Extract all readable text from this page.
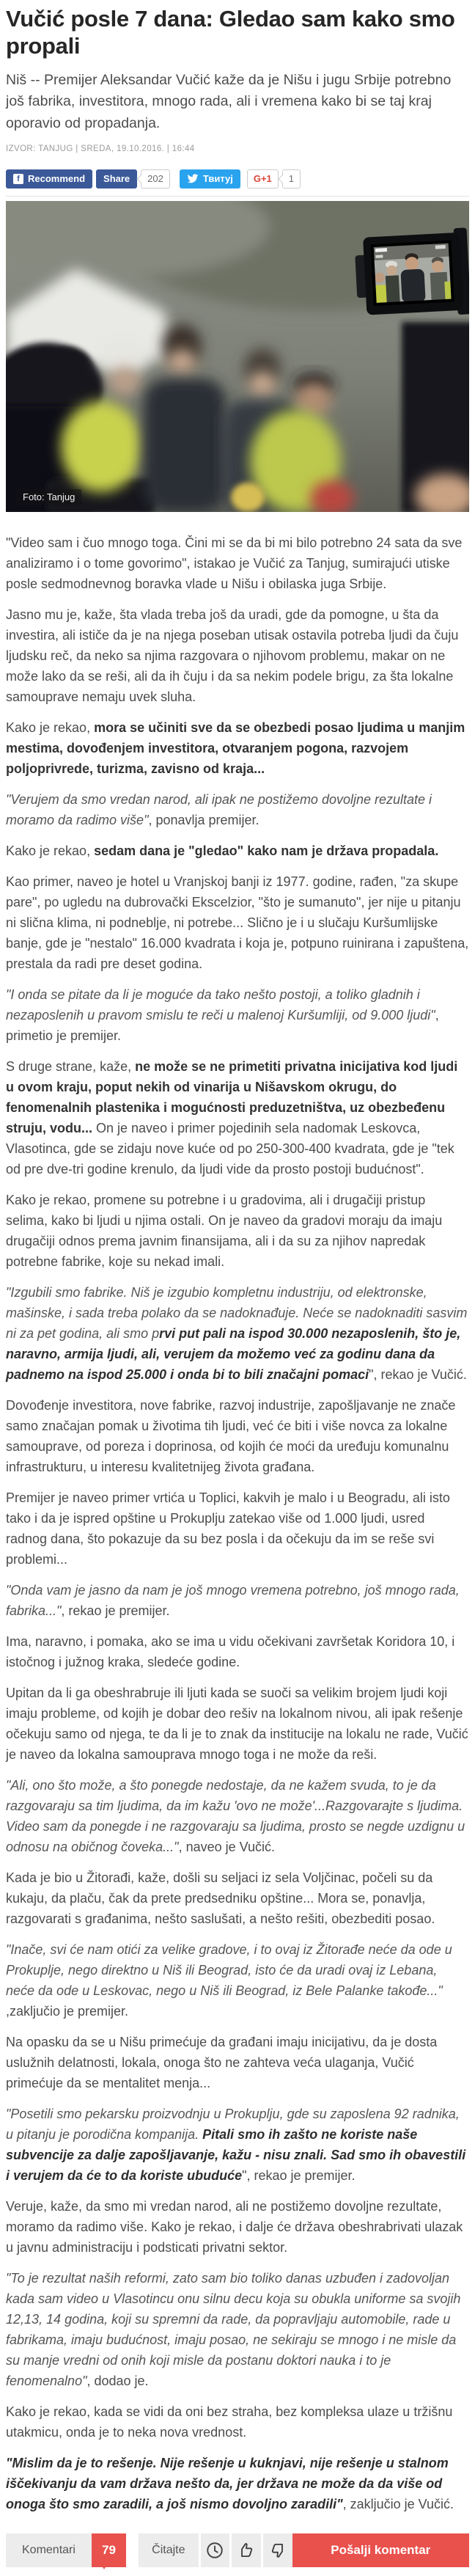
Vučić posle 7 dana: Gledao sam kako smo propali

Niš -- Premijer Aleksandar Vučić kaže da je Nišu i jugu Srbije potrebno još fabrika, investitora, mnogo rada, ali i vremena kako bi se taj kraj oporavio od propadanja.

IZVOR: TANJUG | SREDA, 19.10.2016. | 16:44
f Recommend Share	202	Твитуј G+1	1
Foto: Tanjug

"Video sam i čuo mnogo toga. Čini mi se da bi mi bilo potrebno 24 sata da sve analiziramo i o tome govorimo", istakao je Vučić za Tanjug, sumirajući utiske posle sedmodnevnog boravka vlade u Nišu i obilaska juga Srbije.

Jasno mu je, kaže, šta vlada treba još da uradi, gde da pomogne, u šta da investira, ali ističe da je na njega poseban utisak ostavila potreba ljudi da čuju ljudsku reč, da neko sa njima razgovara o njihovom problemu, makar on ne može lako da se reši, ali da ih čuju i da sa nekim podele brigu, za šta lokalne samouprave nemaju uvek sluha.

Kako je rekao, mora se učiniti sve da se obezbedi posao ljudima u manjim mestima, dovođenjem investitora, otvaranjem pogona, razvojem poljoprivrede, turizma, zavisno od kraja...

"Verujem da smo vredan narod, ali ipak ne postižemo dovoljne rezultate i moramo da radimo više", ponavlja premijer.

Kako je rekao, sedam dana je "gledao" kako nam je država propadala.

Kao primer, naveo je hotel u Vranjskoj banji iz 1977. godine, rađen, "za skupe pare", po ugledu na dubrovački Ekscelzior, "što je sumanuto", jer nije u pitanju ni slična klima, ni podneblje, ni potrebe... Slično je i u slučaju Kuršumlijske banje, gde je "nestalo" 16.000 kvadrata i koja je, potpuno ruinirana i zapuštena, prestala da radi pre deset godina.

"I onda se pitate da li je moguće da tako nešto postoji, a toliko gladnih i nezaposlenih u pravom smislu te reči u malenoj Kuršumliji, od 9.000 ljudi", primetio je premijer.

S druge strane, kaže, ne može se ne primetiti privatna inicijativa kod ljudi u ovom kraju, poput nekih od vinarija u Nišavskom okrugu, do fenomenalnih plastenika i mogućnosti preduzetništva, uz obezbeđenu struju, vodu... On je naveo i primer pojedinih sela nadomak Leskovca, Vlasotinca, gde se zidaju nove kuće od po 250-300-400 kvadrata, gde je "tek od pre dve-tri godine krenulo, da ljudi vide da prosto postoji budućnost".

Kako je rekao, promene su potrebne i u gradovima, ali i drugačiji pristup selima, kako bi ljudi u njima ostali. On je naveo da gradovi moraju da imaju drugačiji odnos prema javnim finansijama, ali i da su za njihov napredak potrebne fabrike, koje su nekad imali.

"Izgubili smo fabrike. Niš je izgubio kompletnu industriju, od elektronske, mašinske, i sada treba polako da se nadoknađuje. Neće se nadoknaditi sasvim ni za pet godina, ali smo prvi put pali na ispod 30.000 nezaposlenih, što je, naravno, armija ljudi, ali, verujem da možemo već za godinu dana da padnemo na ispod 25.000 i onda bi to bili značajni pomaci", rekao je Vučić.

Dovođenje investitora, nove fabrike, razvoj industrije, zapošljavanje ne znače samo značajan pomak u životima tih ljudi, već će biti i više novca za lokalne samouprave, od poreza i doprinosa, od kojih će moći da uređuju komunalnu infrastrukturu, u interesu kvalitetnijeg života građana.

Premijer je naveo primer vrtića u Toplici, kakvih je malo i u Beogradu, ali isto tako i da je ispred opštine u Prokuplju zatekao više od 1.000 ljudi, usred radnog dana, što pokazuje da su bez posla i da očekuju da im se reše svi problemi...

"Onda vam je jasno da nam je još mnogo vremena potrebno, još mnogo rada, fabrika...", rekao je premijer.

Ima, naravno, i pomaka, ako se ima u vidu očekivani završetak Koridora 10, i istočnog i južnog kraka, sledeće godine.

Upitan da li ga obeshrabruje ili ljuti kada se suoči sa velikim brojem ljudi koji imaju probleme, od kojih je dobar deo rešiv na lokalnom nivou, ali ipak rešenje očekuju samo od njega, te da li je to znak da institucije na lokalu ne rade, Vučić je naveo da lokalna samouprava mnogo toga i ne može da reši.

"Ali, ono što može, a što ponegde nedostaje, da ne kažem svuda, to je da razgovaraju sa tim ljudima, da im kažu 'ovo ne može'...Razgovarajte s ljudima. Video sam da ponegde i ne razgovaraju sa ljudima, prosto se negde uzdignu u odnosu na običnog čoveka...", naveo je Vučić.

Kada je bio u Žitorađi, kaže, došli su seljaci iz sela Voljčinac, počeli su da kukaju, da plaču, čak da prete predsedniku opštine... Mora se, ponavlja, razgovarati s građanima, nešto saslušati, a nešto rešiti, obezbediti posao.

"Inače, svi će nam otići za velike gradove, i to ovaj iz Žitorađe neće da ode u Prokuplje, nego direktno u Niš ili Beograd, isto će da uradi ovaj iz Lebana, neće da ode u Leskovac, nego u Niš ili Beograd, iz Bele Palanke takođe..." ,zaključio je premijer.

Na opasku da se u Nišu primećuje da građani imaju inicijativu, da je dosta uslužnih delatnosti, lokala, onoga što ne zahteva veća ulaganja, Vučić primećuje da se mentalitet menja...

"Posetili smo pekarsku proizvodnju u Prokuplju, gde su zaposlena 92 radnika, u pitanju je porodična kompanija. Pitali smo ih zašto ne koriste naše subvencije za dalje zapošljavanje, kažu - nisu znali. Sad smo ih obavestili i verujem da će to da koriste ubuduće", rekao je premijer.

Veruje, kaže, da smo mi vredan narod, ali ne postižemo dovoljne rezultate, moramo da radimo više. Kako je rekao, i dalje će država obeshrabrivati ulazak u javnu administraciju i podsticati privatni sektor.

"To je rezultat naših reformi, zato sam bio toliko danas uzbuđen i zadovoljan kada sam video u Vlasotincu onu silnu decu koja su obukla uniforme sa svojih 12,13, 14 godina, koji su spremni da rade, da popravljaju automobile, rade u fabrikama, imaju budućnost, imaju posao, ne sekiraju se mnogo i ne misle da su manje vredni od onih koji misle da postanu doktori nauka i to je fenomenalno", dodao je.

Kako je rekao, kada se vidi da oni bez straha, bez kompleksa ulaze u tržišnu utakmicu, onda je to neka nova vrednost.

"Mislim da je to rešenje. Nije rešenje u kuknjavi, nije rešenje u stalnom iščekivanju da vam država nešto da, jer država ne može da da više od onoga što smo zaradili, a još nismo dovoljno zaradili", zaključio je Vučić.

Komentari	79	Čitajte	Pošalji komentar
